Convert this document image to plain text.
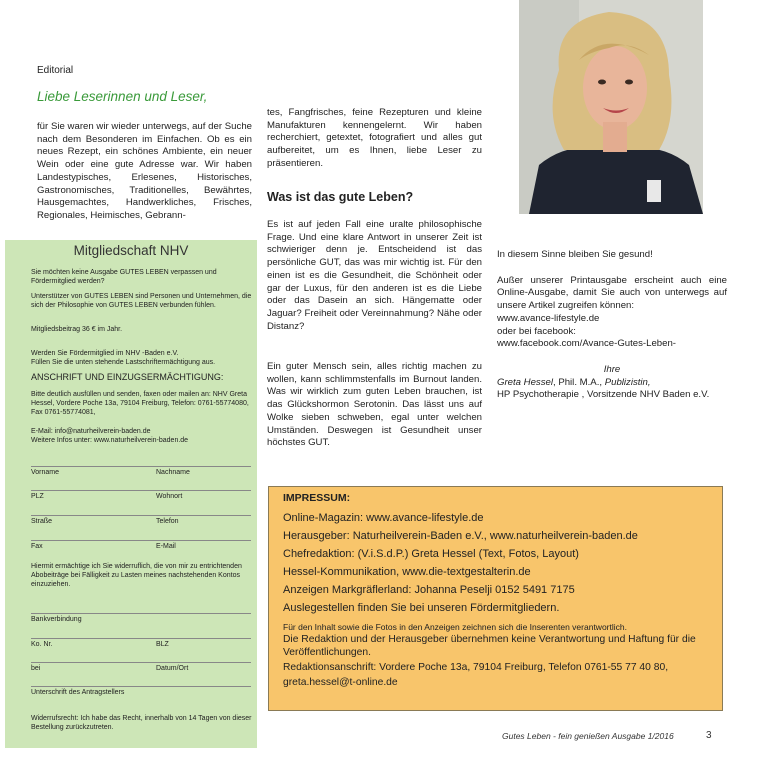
Editorial
Liebe Leserinnen und Leser,

für Sie waren wir wieder unterwegs, auf der Suche nach dem Besonderen im Einfachen. Ob es ein neues Rezept, ein schönes Ambiente, ein neuer Wein oder eine gute Adresse war. Wir haben Landestypisches, Erlesenes, Historisches, Gastronomisches, Traditionelles, Bewährtes, Hausgemachtes, Handwerkliches, Frisches, Regionales, Heimisches, Gebrann-

tes, Fangfrisches, feine Rezepturen und kleine Manufakturen kennengelernt. Wir haben recherchiert, getextet, fotografiert und alles gut aufbereitet, um es Ihnen, liebe Leser zu präsentieren.

Was ist das gute Leben?

Es ist auf jeden Fall eine uralte philosophische Frage. Und eine klare Antwort in unserer Zeit ist schwieriger denn je. Entscheidend ist das persönliche GUT, das was mir wichtig ist. Für den einen ist es die Gesundheit, die Schönheit oder gar der Luxus, für den anderen ist es die Liebe oder das Dasein an sich. Hängematte oder Jaguar? Freiheit oder Vereinnahmung? Nähe oder Distanz?

Ein guter Mensch sein, alles richtig machen zu wollen, kann schlimmstenfalls im Burnout landen. Was wir wirklich zum guten Leben brauchen, ist das Glückshormon Serotonin. Das lässt uns auf Wolke sieben schweben, egal unter welchen Umständen. Deswegen ist Gesundheit unser höchstes GUT.

In diesem Sinne bleiben Sie gesund!

Außer unserer Printausgabe erscheint auch eine Online-Ausgabe, damit Sie auch von unterwegs auf unsere Artikel zugreifen können:

www.avance-lifestyle.de

oder bei facebook:

www.facebook.com/Avance-Gutes-Leben-

Ihre

Greta Hessel, Phil. M.A., Publizistin,

HP Psychotherapie , Vorsitzende NHV Baden e.V.

Mitgliedschaft NHV

Sie möchten keine Ausgabe GUTES LEBEN verpassen und Fördermitglied werden?

Unterstützer von GUTES LEBEN sind Personen und Unternehmen, die sich der Philosophie von GUTES LEBEN verbunden fühlen.

Mitgliedsbeitrag 36 € im Jahr.

Werden Sie Fördermitglied im NHV -Baden e.V.

Füllen Sie die unten stehende Lastschriftermächtigung aus.

ANSCHRIFT UND EINZUGSERMÄCHTIGUNG:

Bitte deutlich ausfüllen und senden, faxen oder mailen an: NHV Greta Hessel, Vordere Poche 13a, 79104 Freiburg, Telefon: 0761-55774080, Fax 0761-55774081,

E-Mail: info@naturheilverein-baden.de

Weitere Infos unter: www.naturheilverein-baden.de

Vorname	Nachname
PLZ	Wohnort
Straße	Telefon
Fax	E-Mail

Hiermit ermächtige ich Sie widerruflich, die von mir zu entrichtenden Abobeiträge bei Fälligkeit zu Lasten meines nachstehenden Kontos einzuziehen.

Bankverbindung
Ko. Nr.	BLZ
bei	Datum/Ort
Unterschrift des Antragstellers

Widerrufsrecht: Ich habe das Recht, innerhalb von 14 Tagen von dieser Bestellung zurückzutreten.

IMPRESSUM:
Online-Magazin: www.avance-lifestyle.de
Herausgeber: Naturheilverein-Baden e.V., www.naturheilverein-baden.de
Chefredaktion: (V.i.S.d.P.) Greta Hessel (Text, Fotos, Layout)
Hessel-Kommunikation, www.die-textgestalterin.de
Anzeigen Markgräflerland: Johanna Peselji 0152 5491 7175
Auslegestellen finden Sie bei unseren Fördermitgliedern.
Für den Inhalt sowie die Fotos in den Anzeigen zeichnen sich die Inserenten verantwortlich.
Die Redaktion und der Herausgeber übernehmen keine Verantwortung und Haftung für die Veröffentlichungen.
Redaktionsanschrift: Vordere Poche 13a, 79104 Freiburg, Telefon 0761-55 77 40 80,
greta.hessel@t-online.de
Gutes Leben - fein genießen Ausgabe 1/2016	3
